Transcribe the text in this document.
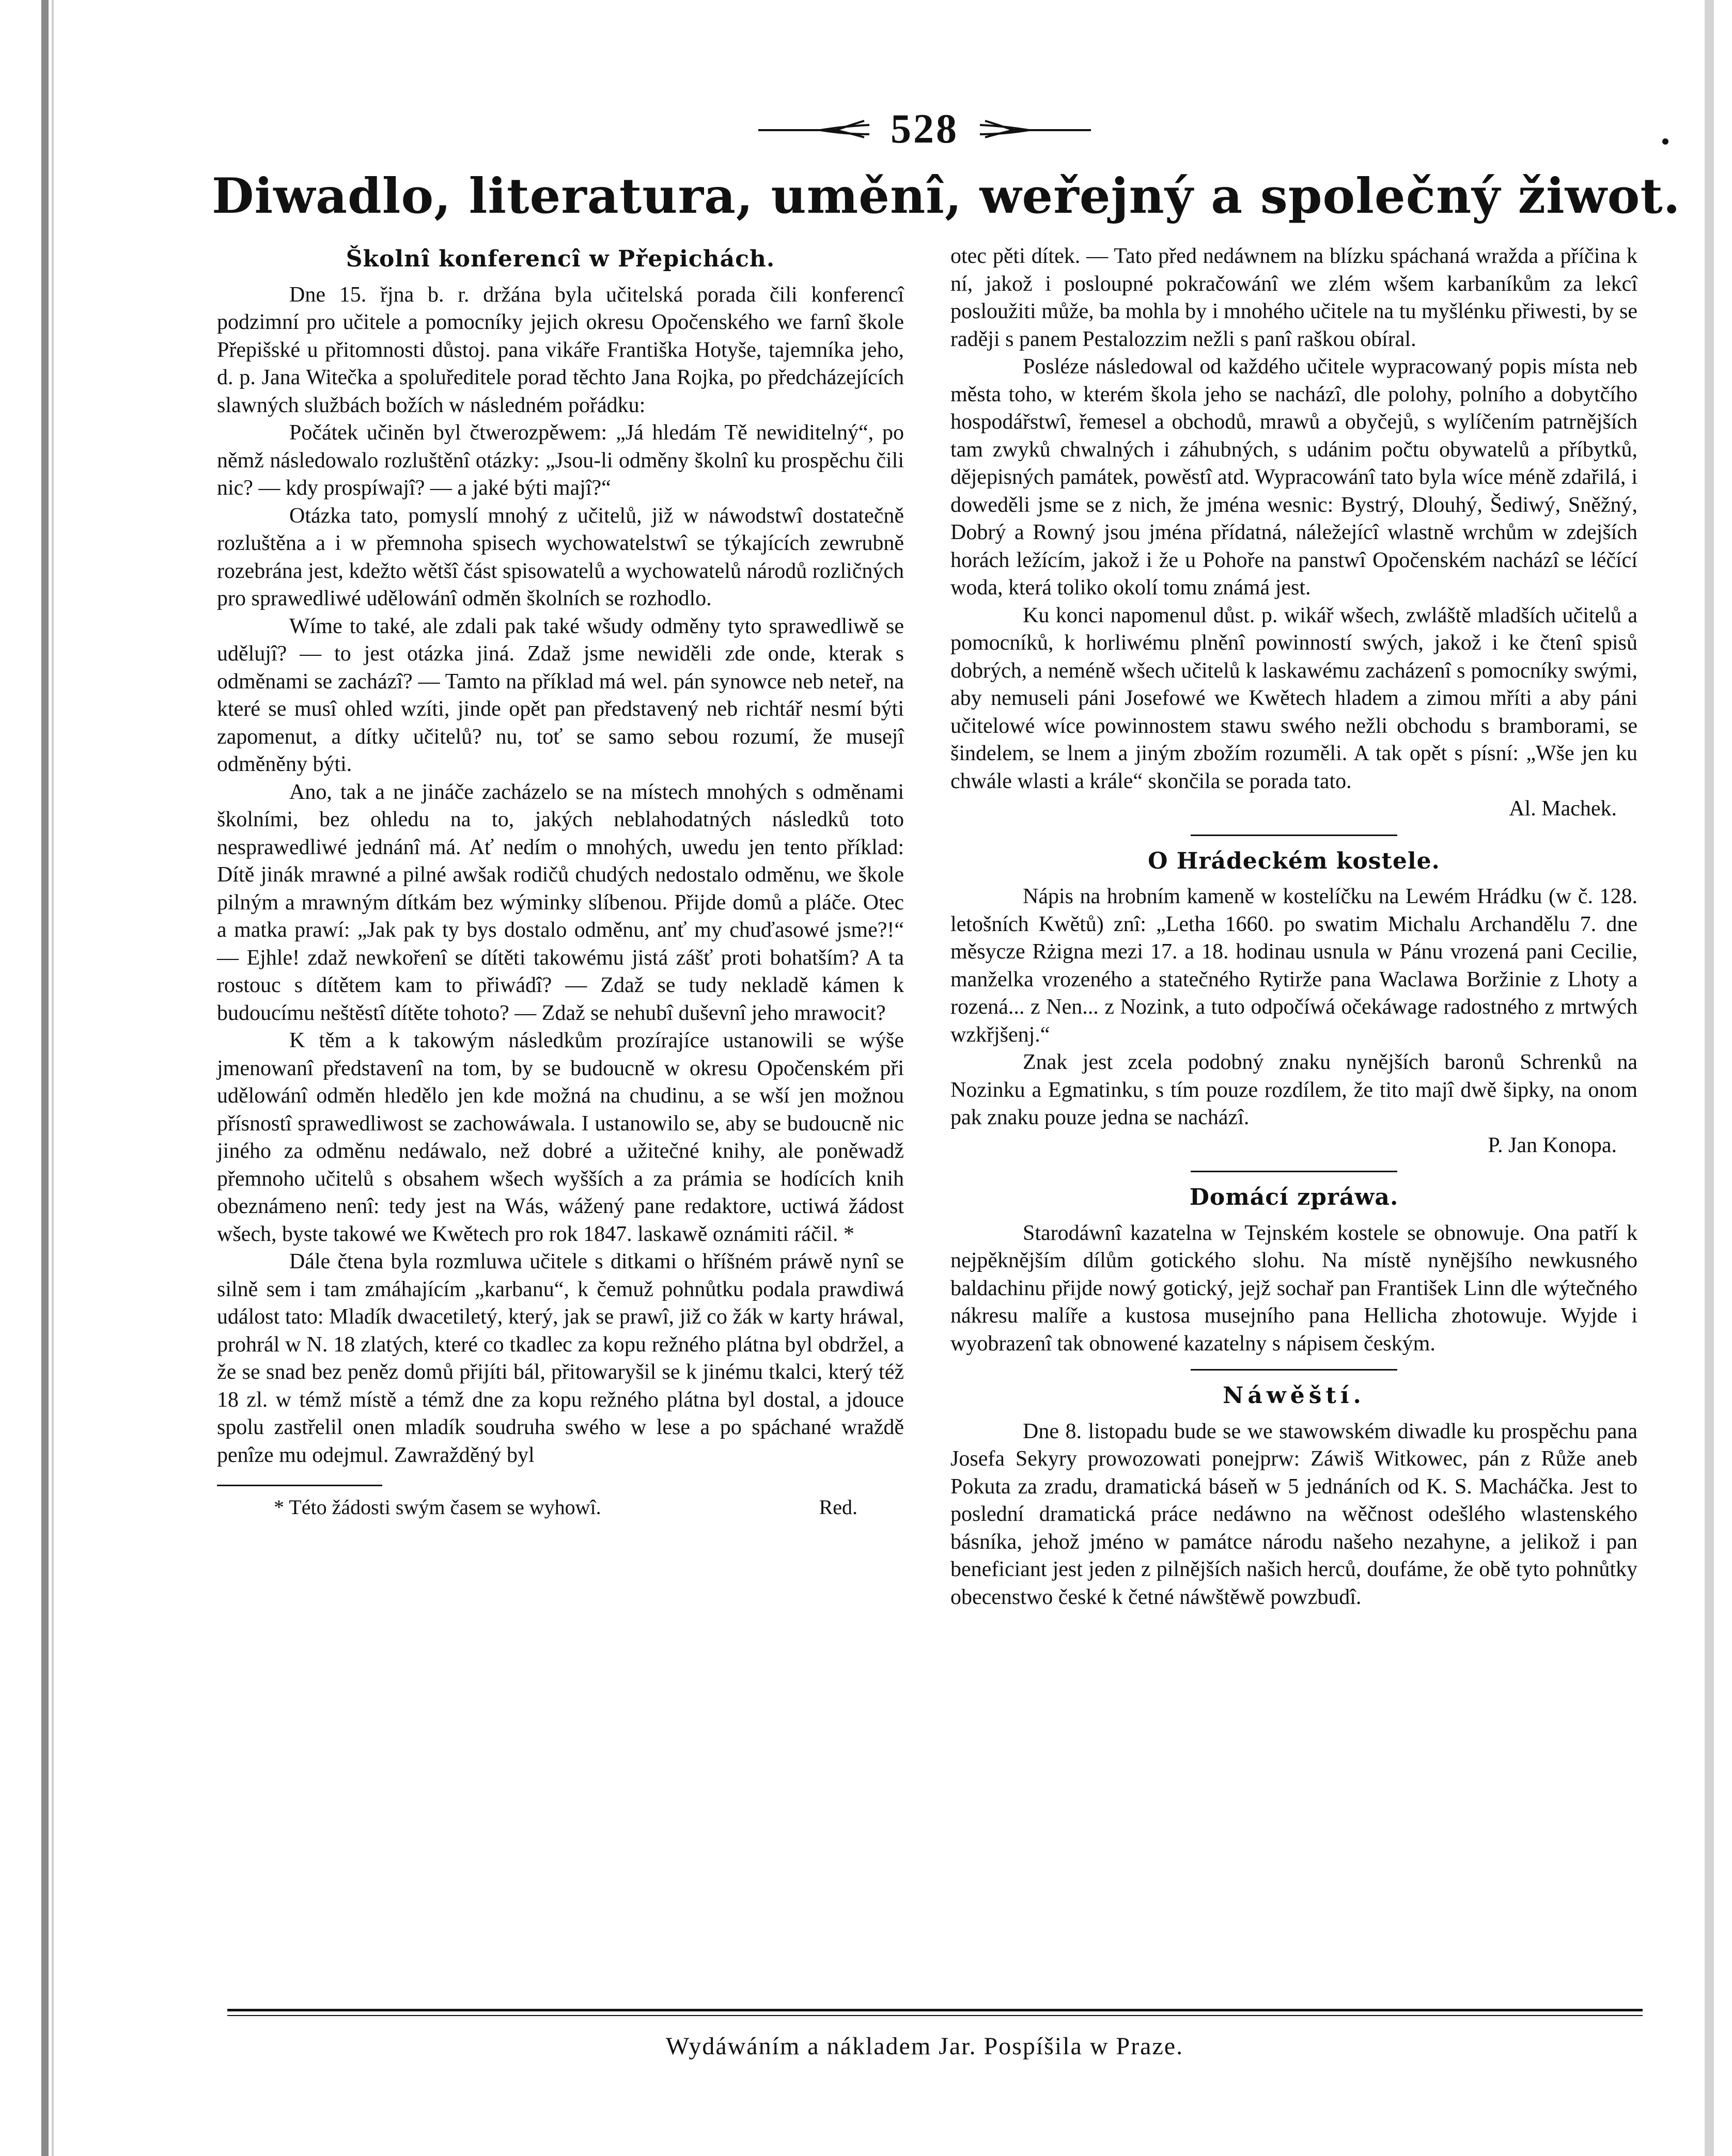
528
Diwadlo, literatura, uměnî, weřejný a společný žiwot.
Školnî konferencî w Přepichách.

Dne 15. řjna b. r. držána byla učitelská porada čili konferencî podzimní pro učitele a pomocníky jejich okresu Opočenského we farnî škole Přepišské u přitomnosti důstoj. pana vikáře Františka Hotyše, tajemníka jeho, d. p. Jana Witečka a spoluředitele porad těchto Jana Rojka, po předcházejících slawných službách božích w následném pořádku:

Počátek učiněn byl čtwerozpěwem: „Já hledám Tě newiditelný“, po němž následowalo rozluštěnî otázky: „Jsou-li odměny školnî ku prospěchu čili nic? — kdy prospíwajî? — a jaké býti majî?“

Otázka tato, pomyslí mnohý z učitelů, již w náwodstwî dostatečně rozluštěna a i w přemnoha spisech wychowatelstwî se týkajících zewrubně rozebrána jest, kdežto wětšî část spisowatelů a wychowatelů národů rozličných pro sprawedliwé udělowánî odměn školních se rozhodlo.

Wíme to také, ale zdali pak také wšudy odměny tyto sprawedliwě se udělujî? — to jest otázka jiná. Zdaž jsme newiděli zde onde, kterak s odměnami se zacházî? — Tamto na příklad má wel. pán synowce neb neteř, na které se musî ohled wzíti, jinde opět pan představený neb richtář nesmí býti zapomenut, a dítky učitelů? nu, toť se samo sebou rozumí, že musejî odměněny býti.

Ano, tak a ne jináče zacházelo se na místech mnohých s odměnami školními, bez ohledu na to, jakých neblahodatných následků toto nesprawedliwé jednánî má. Ať nedím o mnohých, uwedu jen tento příklad: Dítě jinák mrawné a pilné awšak rodičů chudých nedostalo odměnu, we škole pilným a mrawným dítkám bez wýminky slíbenou. Přijde domů a pláče. Otec a matka prawí: „Jak pak ty bys dostalo odměnu, anť my chuďasowé jsme?!“ — Ejhle! zdaž newkořenî se dítěti takowému jistá zášť proti bohatším? A ta rostouc s dítětem kam to přiwádî? — Zdaž se tudy nekladě kámen k budoucímu neštěstî dítěte tohoto? — Zdaž se nehubî duševnî jeho mrawocit?

K těm a k takowým následkům prozírajíce ustanowili se wýše jmenowanî představenî na tom, by se budoucně w okresu Opočenském při udělowánî odměn hledělo jen kde možná na chudinu, a se wší jen možnou přísnostî sprawedliwost se zachowáwala. I ustanowilo se, aby se budoucně nic jiného za odměnu nedáwalo, než dobré a užitečné knihy, ale poněwadž přemnoho učitelů s obsahem wšech wyšších a za prámia se hodících knih obeznámeno nenî: tedy jest na Wás, wážený pane redaktore, uctiwá žádost wšech, byste takowé we Kwětech pro rok 1847. laskawě oznámiti ráčil. *

Dále čtena byla rozmluwa učitele s ditkami o hříšném práwě nynî se silně sem i tam zmáhajícím „karbanu“, k čemuž pohnůtku podala prawdiwá událost tato: Mladík dwacetiletý, který, jak se prawî, již co žák w karty hráwal, prohrál w N. 18 zlatých, které co tkadlec za kopu režného plátna byl obdržel, a že se snad bez peněz domů přijíti bál, přitowaryšil se k jinému tkalci, který též 18 zl. w témž místě a témž dne za kopu režného plátna byl dostal, a jdouce spolu zastřelil onen mladík soudruha swého w lese a po spáchané wraždě penîze mu odejmul. Zawražděný byl

* Této žádosti swým časem se wyhowî.	Red.

otec pěti dítek. — Tato před nedáwnem na blízku spáchaná wražda a příčina k ní, jakož i posloupné pokračowánî we zlém wšem karbaníkům za lekcî posloužiti může, ba mohla by i mnohého učitele na tu myšlénku přiwesti, by se raději s panem Pestalozzim nežli s panî raškou obíral.

Posléze následowal od každého učitele wypracowaný popis místa neb města toho, w kterém škola jeho se nacházî, dle polohy, polního a dobytčího hospodářstwî, řemesel a obchodů, mrawů a obyčejů, s wylíčením patrnějších tam zwyků chwalných i záhubných, s udánim počtu obywatelů a příbytků, dějepisných památek, powěstî atd. Wypracowánî tato byla wíce méně zdařilá, i doweděli jsme se z nich, že jména wesnic: Bystrý, Dlouhý, Šediwý, Sněžný, Dobrý a Rowný jsou jména přídatná, náležejícî wlastně wrchům w zdejších horách ležícím, jakož i že u Pohoře na panstwî Opočenském nacházî se léčící woda, která toliko okolí tomu známá jest.

Ku konci napomenul důst. p. wikář wšech, zwláště mladších učitelů a pomocníků, k horliwému plněnî powinností swých, jakož i ke čtenî spisů dobrých, a neméně wšech učitelů k laskawému zacházenî s pomocníky swými, aby nemuseli páni Josefowé we Kwětech hladem a zimou mříti a aby páni učitelowé wíce powinnostem stawu swého nežli obchodu s bramborami, se šindelem, se lnem a jiným zbožím rozuměli. A tak opět s písní: „Wše jen ku chwále wlasti a krále“ skončila se porada tato.

Al. Machek.
O Hrádeckém kostele.

Nápis na hrobním kameně w kostelíčku na Lewém Hrádku (w č. 128. letošních Kwětů) znî: „Letha 1660. po swatim Michalu Archandělu 7. dne měsycze Rżigna mezi 17. a 18. hodinau usnula w Pánu vrozená pani Cecilie, manželka vrozeného a statečného Rytirže pana Waclawa Boržinie z Lhoty a rozená... z Nen... z Nozink, a tuto odpočíwá očekáwage radostného z mrtwých wzkřjšenj.“

Znak jest zcela podobný znaku nynějších baronů Schrenků na Nozinku a Egmatinku, s tím pouze rozdílem, že tito majî dwě šipky, na onom pak znaku pouze jedna se nacházî.

P. Jan Konopa.
Domácí zpráwa.

Starodáwnî kazatelna w Tejnském kostele se obnowuje. Ona patří k nejpěknějším dílům gotického slohu. Na místě nynějšího newkusného baldachinu přijde nowý gotický, jejž sochař pan František Linn dle wýtečného nákresu malíře a kustosa musejního pana Hellicha zhotowuje. Wyjde i wyobrazenî tak obnowené kazatelny s nápisem českým.

Náwěští.

Dne 8. listopadu bude se we stawowském diwadle ku prospěchu pana Josefa Sekyry prowozowati ponejprw: Záwiš Witkowec, pán z Růže aneb Pokuta za zradu, dramatická báseň w 5 jednáních od K. S. Macháčka. Jest to poslední dramatická práce nedáwno na wěčnost odešlého wlastenského básníka, jehož jméno w památce národu našeho nezahyne, a jelikož i pan beneficiant jest jeden z pilnějších našich herců, doufáme, že obě tyto pohnůtky obecenstwo české k četné náwštěwě powzbudî.

Wydáwáním a nákladem Jar. Pospíšila w Praze.
